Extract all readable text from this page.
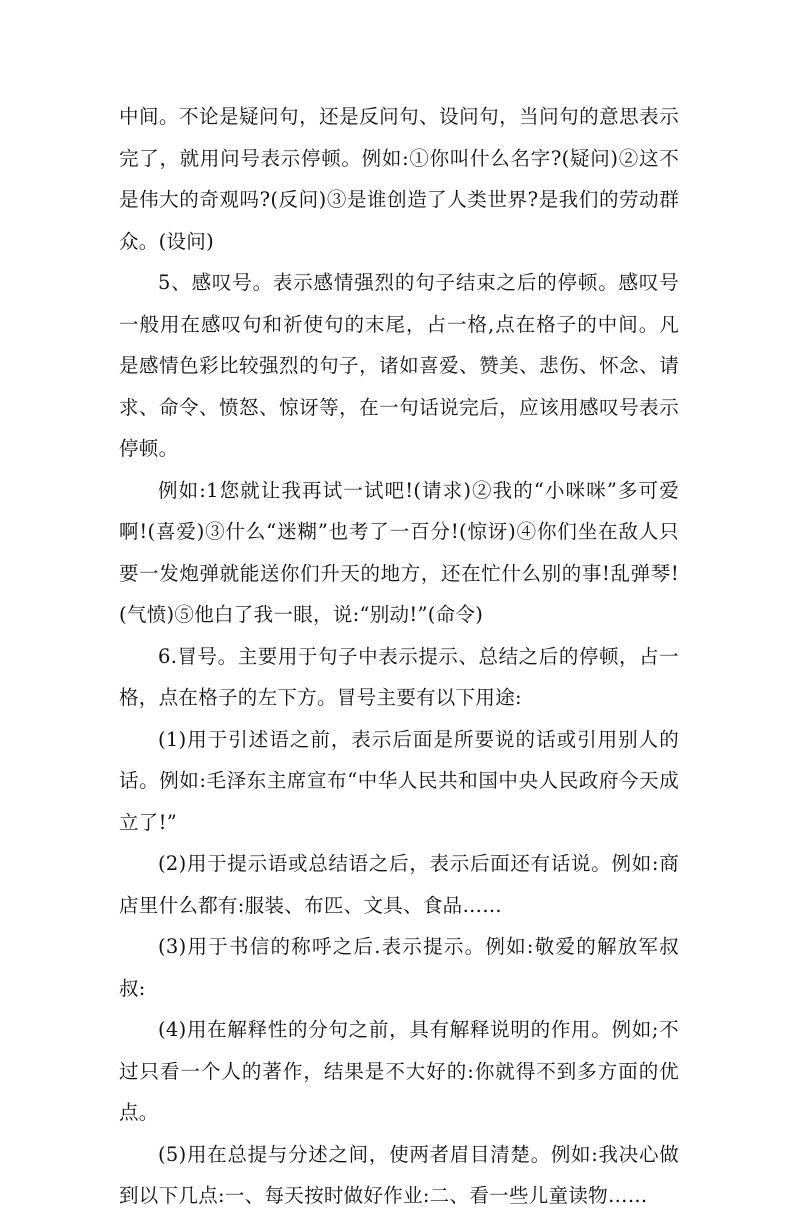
中间。不论是疑问句，还是反问句、设问句，当问句的意思表示完了，就用问号表示停顿。例如:①你叫什么名字?(疑问)②这不是伟大的奇观吗?(反问)③是谁创造了人类世界?是我们的劳动群众。(设问)

5、感叹号。表示感情强烈的句子结束之后的停顿。感叹号一般用在感叹句和祈使句的末尾，占一格,点在格子的中间。凡是感情色彩比较强烈的句子，诸如喜爱、赞美、悲伤、怀念、请求、命令、愤怒、惊讶等，在一句话说完后，应该用感叹号表示停顿。

例如:1您就让我再试一试吧!(请求)②我的“小咪咪”多可爱啊!(喜爱)③什么“迷糊”也考了一百分!(惊讶)④你们坐在敌人只要一发炮弹就能送你们升天的地方，还在忙什么别的事!乱弹琴!(气愤)⑤他白了我一眼，说:“别动!”(命令)

6.冒号。主要用于句子中表示提示、总结之后的停顿，占一格，点在格子的左下方。冒号主要有以下用途:

(1)用于引述语之前，表示后面是所要说的话或引用别人的话。例如:毛泽东主席宣布“中华人民共和国中央人民政府今天成立了!”

(2)用于提示语或总结语之后，表示后面还有话说。例如:商店里什么都有:服装、布匹、文具、食品……

(3)用于书信的称呼之后.表示提示。例如:敬爱的解放军叔叔:

(4)用在解释性的分句之前，具有解释说明的作用。例如;不过只看一个人的著作，结果是不大好的:你就得不到多方面的优点。

(5)用在总提与分述之间，使两者眉目清楚。例如:我决心做到以下几点:一、每天按时做好作业:二、看一些儿童读物……
